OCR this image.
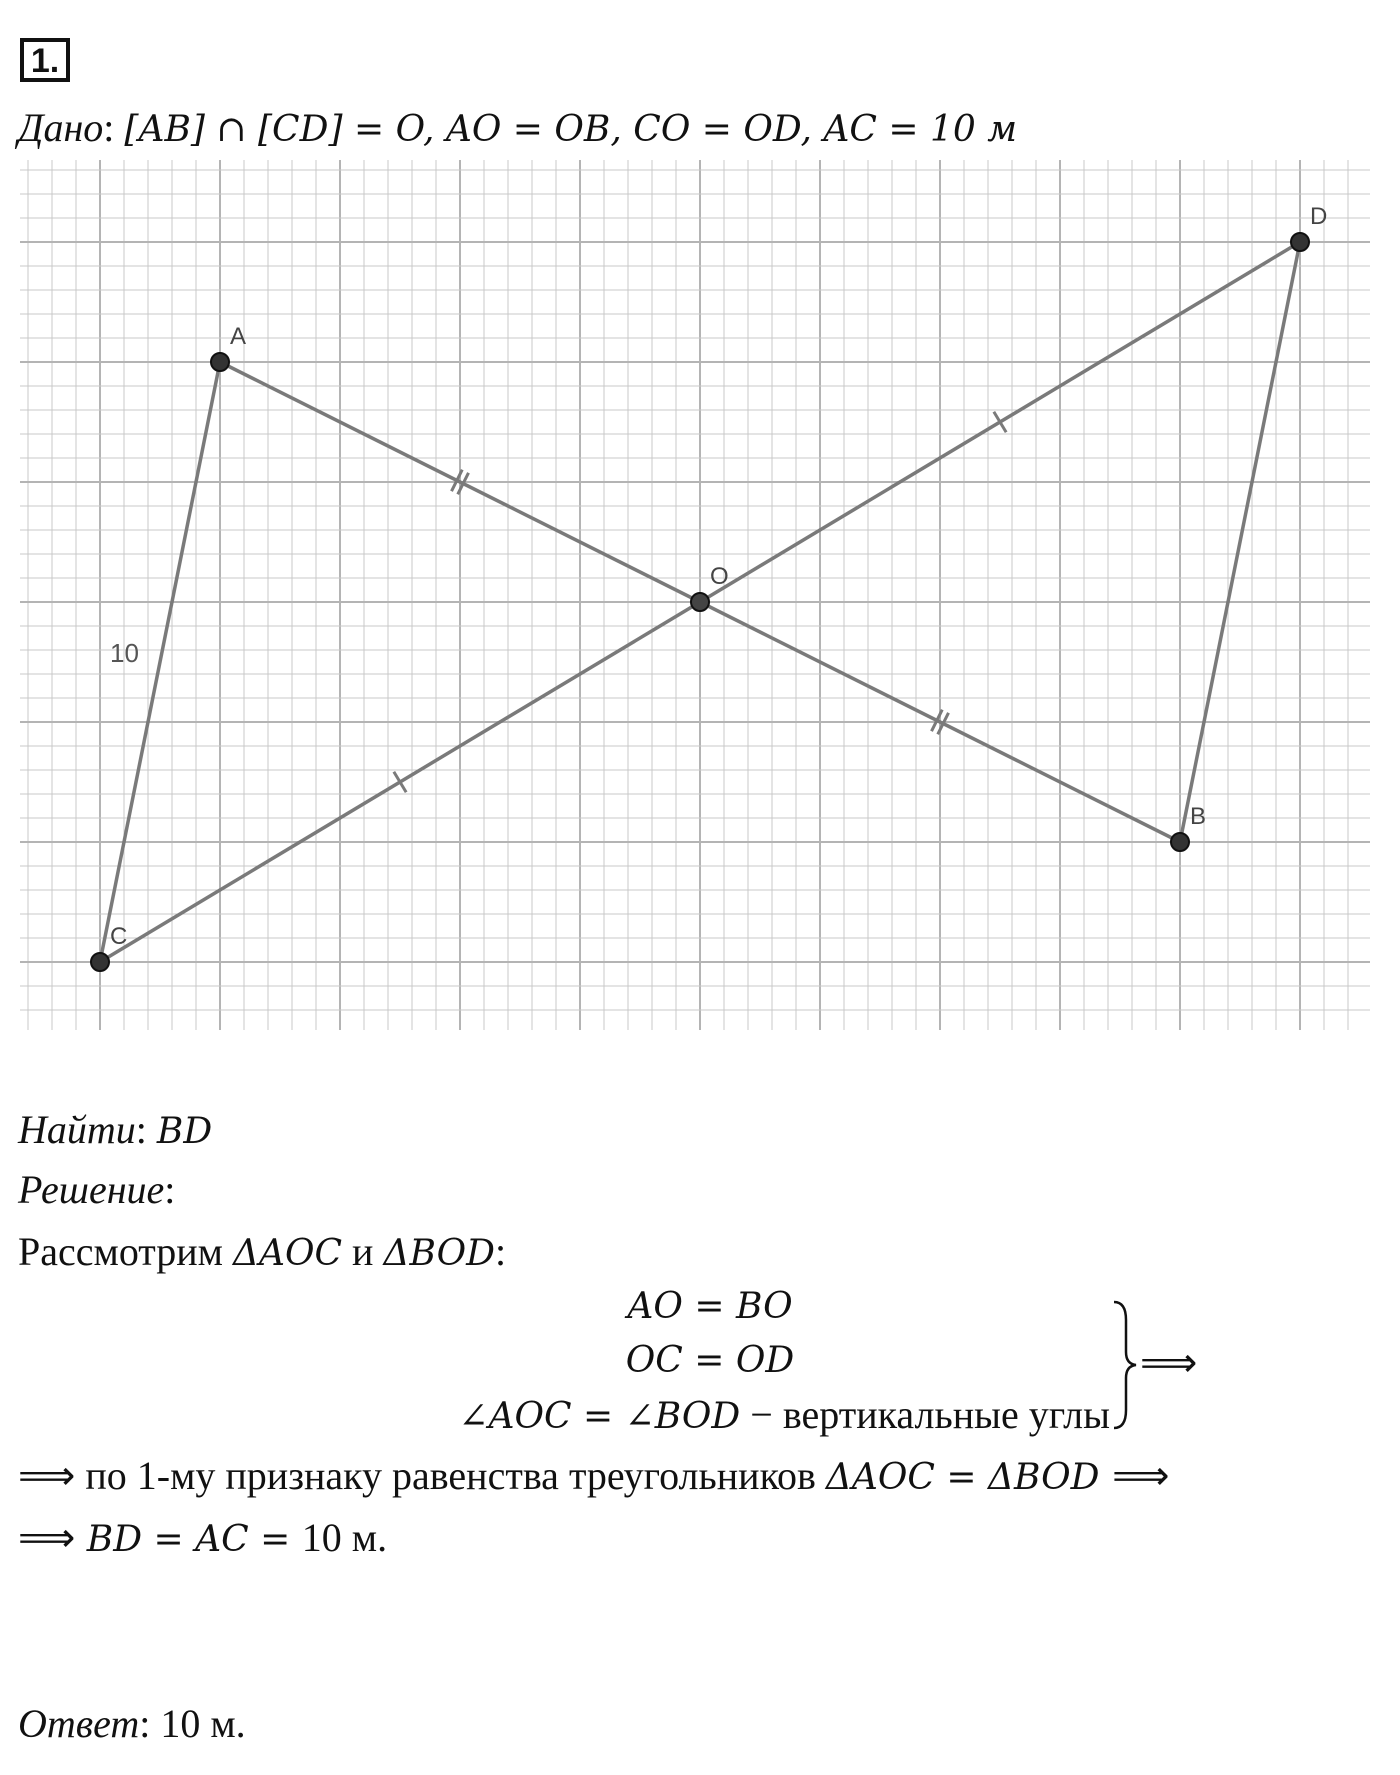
1.
Дано: [AB] ∩ [CD] = O, AO = OB, CO = OD, AC = 10 м
A
B
C
D
O
10
Найти: BD
Решение:
Рассмотрим ΔAOC и ΔBOD:
AO = BO
OC = OD
∠AOC = ∠BOD − вертикальные углы
⟹
⟹ по 1-му признаку равенства треугольников ΔAOC = ΔBOD ⟹
⟹ BD = AC = 10 м.
Ответ: 10 м.
